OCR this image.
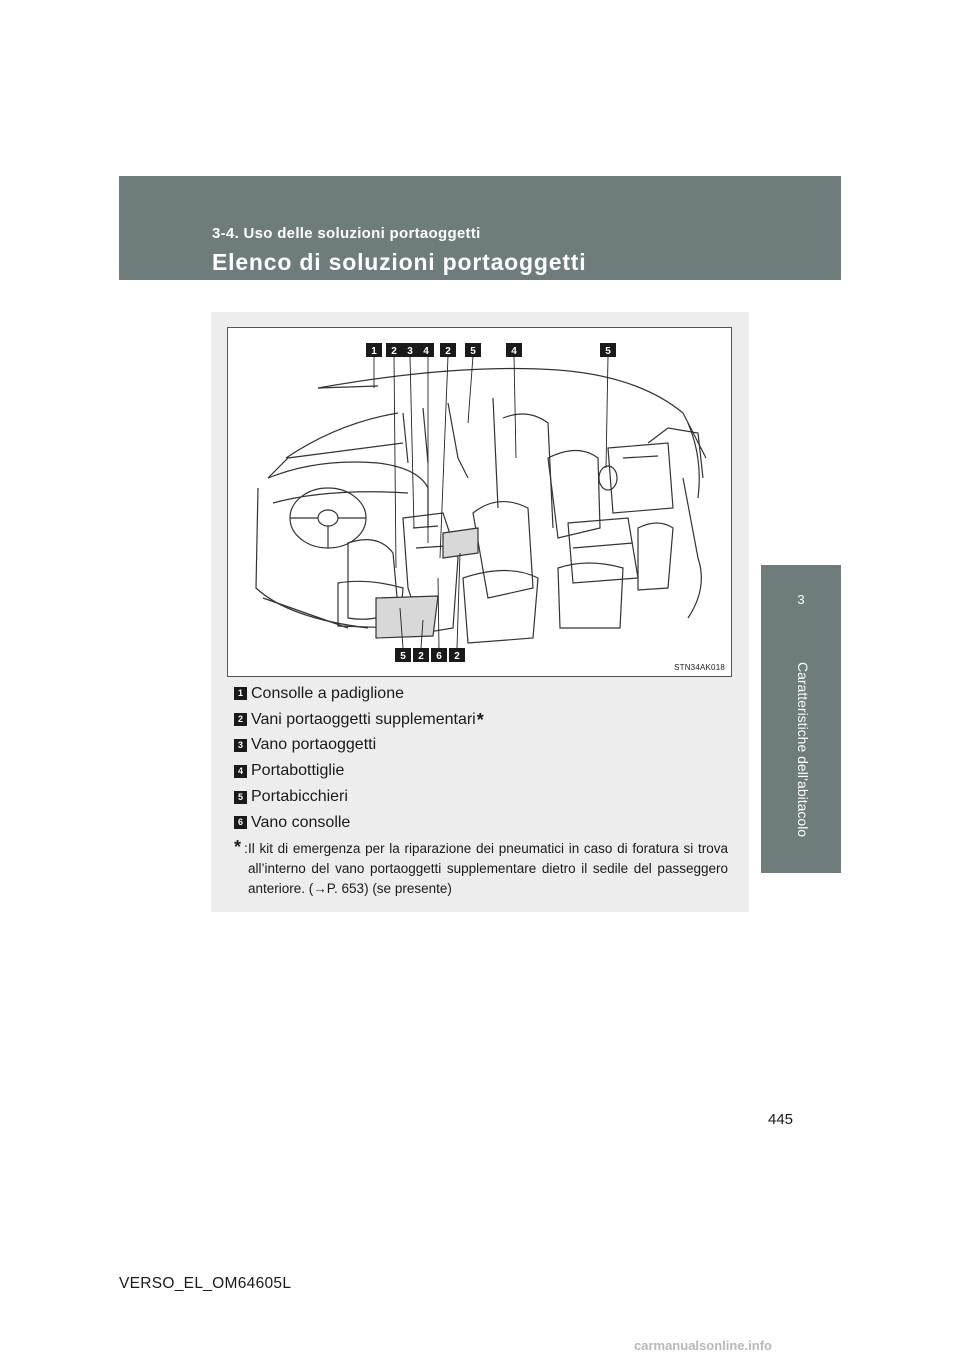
3-4. Uso delle soluzioni portaoggetti
Elenco di soluzioni portaoggetti
3
Caratteristiche dell’abitacolo
1 2 3 4 2 5	4	5
5 2 6 2
STN34AK018
1 Consolle a padiglione
2 Vani portaoggetti supplementari *
3 Vano portaoggetti
4 Portabottiglie
5 Portabicchieri
6 Vano consolle
* : Il kit di emergenza per la riparazione dei pneumatici in caso di foratura si trova all’interno del vano portaoggetti supplementare dietro il sedile del passeggero anteriore. (→P. 653) (se presente)
445
VERSO_EL_OM64605L
carmanualsonline.info
